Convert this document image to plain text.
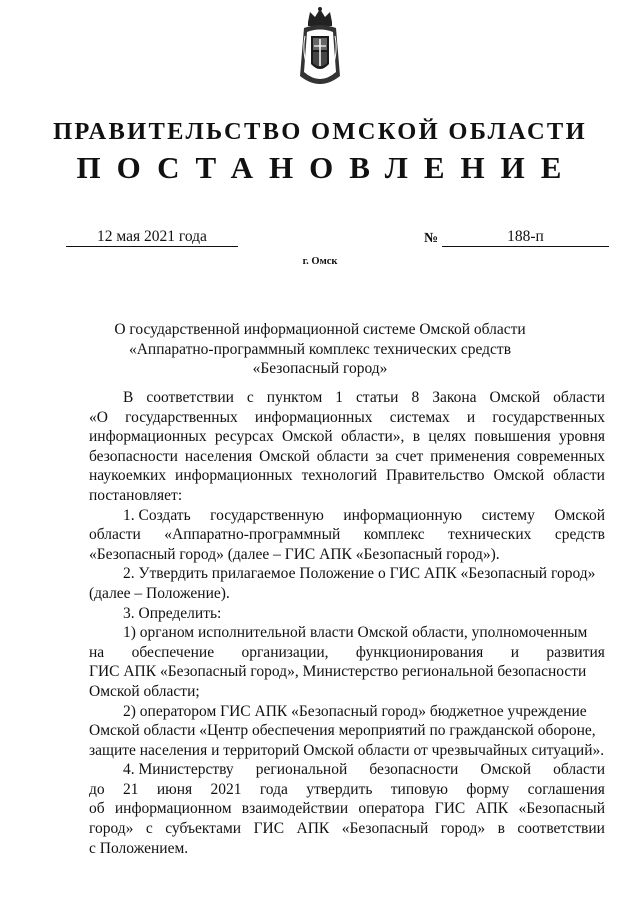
ПРАВИТЕЛЬСТВО ОМСКОЙ ОБЛАСТИ
ПОСТАНОВЛЕНИЕ
12 мая 2021 года	№	188-п
г. Омск
О государственной информационной системе Омской области
«Аппаратно-программный комплекс технических средств
«Безопасный город»
В соответствии с пунктом 1 статьи 8 Закона Омской области
«О государственных информационных системах и государственных
информационных ресурсах Омской области», в целях повышения уровня
безопасности населения Омской области за счет применения современных
наукоемких информационных технологий Правительство Омской области
постановляет:
1. Создать государственную информационную систему Омской
области «Аппаратно-программный комплекс технических средств
«Безопасный город» (далее – ГИС АПК «Безопасный город»).
2. Утвердить прилагаемое Положение о ГИС АПК «Безопасный город»
(далее – Положение).
3. Определить:
1) органом исполнительной власти Омской области, уполномоченным
на обеспечение организации, функционирования и развития
ГИС АПК «Безопасный город», Министерство региональной безопасности
Омской области;
2) оператором ГИС АПК «Безопасный город» бюджетное учреждение
Омской области «Центр обеспечения мероприятий по гражданской обороне,
защите населения и территорий Омской области от чрезвычайных ситуаций».
4. Министерству региональной безопасности Омской области
до 21 июня 2021 года утвердить типовую форму соглашения
об информационном взаимодействии оператора ГИС АПК «Безопасный
город» с субъектами ГИС АПК «Безопасный город» в соответствии
с Положением.
